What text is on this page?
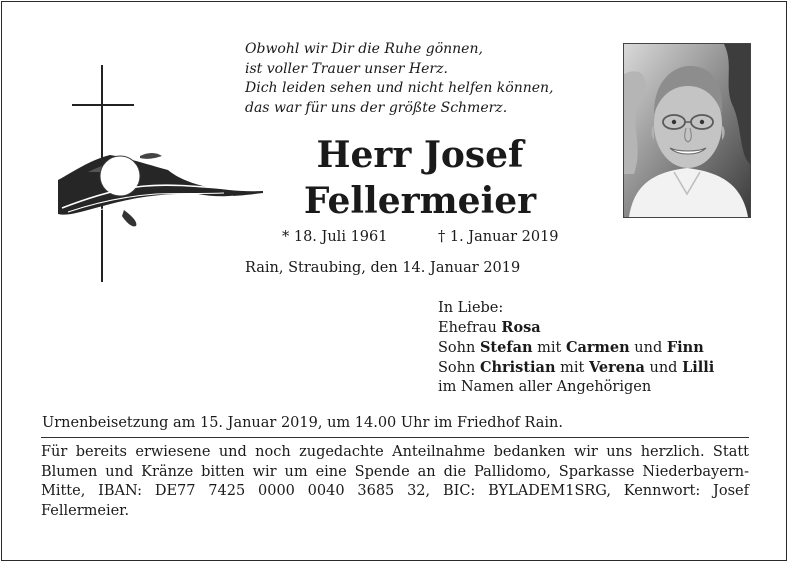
Obwohl wir Dir die Ruhe gönnen,
ist voller Trauer unser Herz.
Dich leiden sehen und nicht helfen können,
das war für uns der größte Schmerz.
Herr Josef
Fellermeier
* 18. Juli 1961	† 1. Januar 2019
Rain, Straubing, den 14. Januar 2019
In Liebe:
Ehefrau Rosa
Sohn Stefan mit Carmen und Finn
Sohn Christian mit Verena und Lilli
im Namen aller Angehörigen
Urnenbeisetzung am 15. Januar 2019, um 14.00 Uhr im Friedhof Rain.
Für bereits erwiesene und noch zugedachte Anteilnahme bedanken wir uns herzlich. Statt Blumen und Kränze bitten wir um eine Spende an die Pallidomo, Sparkasse Niederbayern-Mitte, IBAN: DE77 7425 0000 0040 3685 32, BIC: BYLADEM1SRG, Kennwort: Josef Fellermeier.
